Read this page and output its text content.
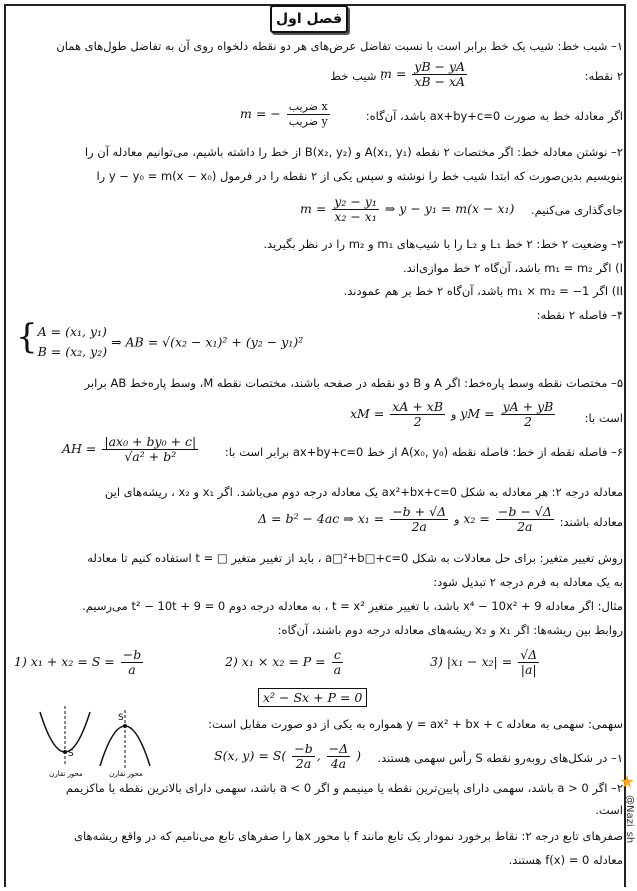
فصل اول
۱– شیب خط: شیب یک خط برابر است با نسبت تفاضل عرض‌های هر دو نقطه دلخواه روی آن به تفاضل طول‌های همان
۲ نقطه:
$m = \frac{yB - yA}{xB - xA}$
: شیب خط
اگر معادله خط به صورت ax+by+c=0 باشد، آن‌گاه:
m = − $\frac{\text{ضریب x}}{\text{ضریب y}}$
۲– نوشتن معادله خط: اگر مختصات ۲ نقطه A(x₁, y₁) و B(x₂, y₂) از خط را داشته باشیم، می‌توانیم معادله آن را
بنویسیم بدین‌صورت که ابتدا شیب خط را نوشته و سپس یکی از ۲ نقطه را در فرمول y − y₀ = m(x − x₀) را
جای‌گذاری می‌کنیم.
$m = \frac{\text{y₂ − y₁}}{\text{x₂ − x₁}}$ ⇒ y − y₁ = m(x − x₁)
۳– وضعیت ۲ خط: ۲ خط L₁ و L₂ را با شیب‌های m₁ و m₂ را در نظر بگیرید.
I) اگر m₁ = m₂ باشد، آن‌گاه ۲ خط موازی‌اند.
II) اگر m₁ × m₂ = −1 باشد، آن‌گاه ۲ خط بر هم عمودند.
۴– فاصله ۲ نقطه:
{ A = (x₁, y₁)
B = (x₂, y₂)
⇒ AB = √(x₂ − x₁)² + (y₂ − y₁)²
۵– مختصات نقطه وسط پاره‌خط: اگر A و B دو نقطه در صفحه باشند، مختصات نقطه M، وسط پاره‌خط AB برابر
است با:
xM = $\frac{xA + xB}{2}$ و yM = $\frac{yA + yB}{2}$
۶– فاصله نقطه از خط: فاصله نقطه A(x₀, y₀) از خط ax+by+c=0 برابر است با:
AH = $\frac{\text{|ax₀ + by₀ + c|}}{\text{√a² + b²}}$
معادله درجه ۲: هر معادله به شکل ax²+bx+c=0 یک معادله درجه دوم می‌باشد. اگر x₁ و x₂ ، ریشه‌های این
معادله باشند:
Δ = b² − 4ac ⇒ $x_1 = \frac{-b + √\Delta}{2a}$ و $x_2 = \frac{-b - √\Delta}{2a}$
روش تغییر متغیر: برای حل معادلات به شکل a□²+b□+c=0 ، باید از تغییر متغیر □ = t استفاده کنیم تا معادله
به یک معادله به فرم درجه ۲ تبدیل شود:
مثال: اگر معادله x⁴ − 10x² + 9 باشد، با تغییر متغیر t = x² ، به معادله درجه دوم t² − 10t + 9 = 0 می‌رسیم.
روابط بین ریشه‌ها: اگر x₁ و x₂ ریشه‌های معادله درجه دوم باشند، آن‌گاه:
1) $x_1 + x_2 = S = \frac{-b}{a}$	2) $x_1 \times x_2 = P = \frac{c}{a}$	3) $|x_1 - x_2| = \frac{√\Delta}{|a|}$
x² − Sx + P = 0
سهمی: سهمی به معادله y = ax² + bx + c همواره به یکی از دو صورت مقابل است:
۱– در شکل‌های روبه‌رو نقطه S رأس سهمی هستند.
S(x, $y) = S( \frac{-b}{2a}$ , $\frac{-\Delta}{4a}$ )
۲– اگر a > 0 باشد، سهمی دارای پایین‌ترین نقطه یا مینیمم و اگر a < 0 باشد، سهمی دارای بالاترین نقطه یا ماکزیمم
است.
S
محور تقارن
S
محور تقارن
صفرهای تابع درجه ۲: نقاط برخورد نمودار یک تابع مانند f با محور xها را صفرهای تابع می‌نامیم که در واقع ریشه‌های
معادله f(x) = 0 هستند.
@Nazi_sh
